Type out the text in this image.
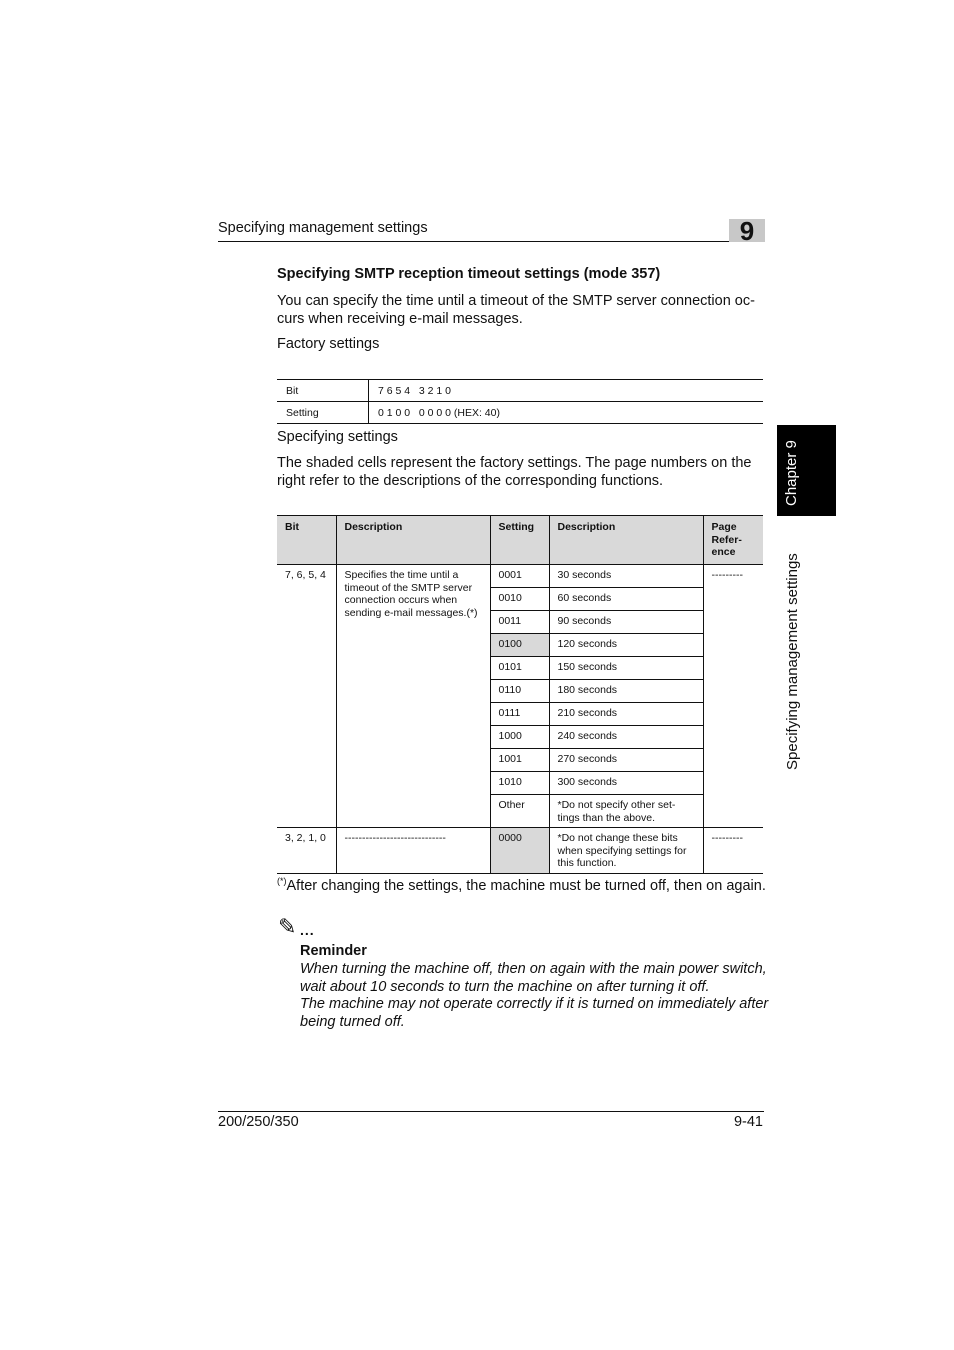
Specifying management settings	9
Chapter 9
Specifying management settings
Specifying SMTP reception timeout settings (mode 357)
You can specify the time until a timeout of the SMTP server connection oc-
curs when receiving e-mail messages.
Factory settings
Bit	7 6 5 4   3 2 1 0
Setting	0 1 0 0   0 0 0 0 (HEX: 40)
Specifying settings
The shaded cells represent the factory settings. The page numbers on the
right refer to the descriptions of the corresponding functions.
Bit	Description	Setting	Description	Page
Refer-
ence

7, 6, 5, 4	Specifies the time until a timeout of the SMTP server connection occurs when sending e-mail messages.(*)	0001	30 seconds	---------
		0010	60 seconds	
		0011	90 seconds	
		0100	120 seconds	
		0101	150 seconds	
		0110	180 seconds	
		0111	210 seconds	
		1000	240 seconds	
		1001	270 seconds	
		1010	300 seconds	
		Other	*Do not specify other set-tings than the above.	
3, 2, 1, 0	-----------------------------	0000	*Do not change these bits when specifying settings for this function.	---------
(*)After changing the settings, the machine must be turned off, then on again.
✎ ...
Reminder
When turning the machine off, then on again with the main power switch,
wait about 10 seconds to turn the machine on after turning it off.
The machine may not operate correctly if it is turned on immediately after
being turned off.
200/250/350	9-41
